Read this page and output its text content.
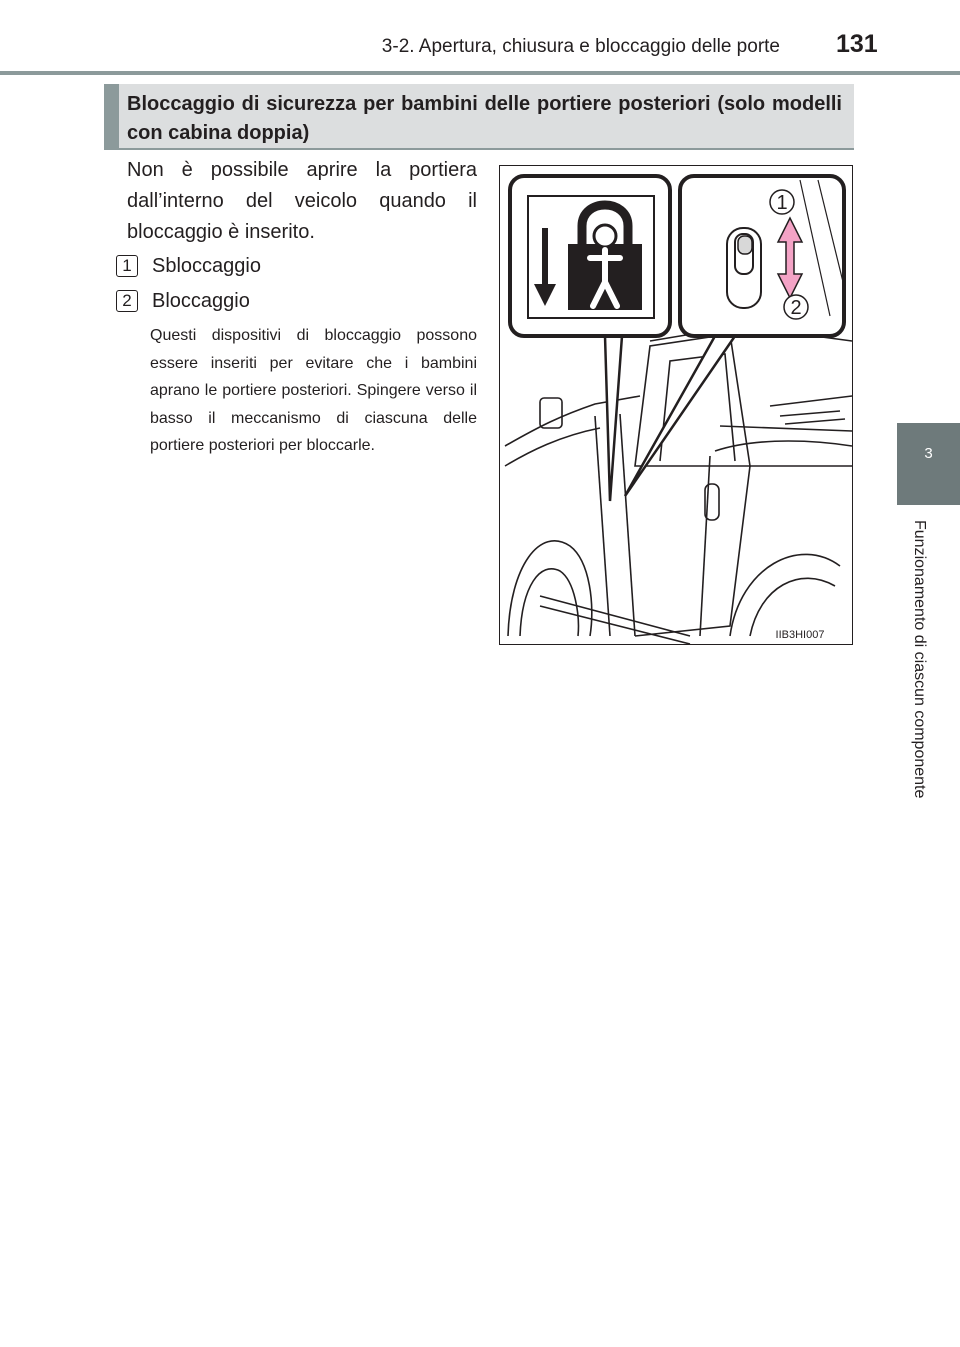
3-2. Apertura, chiusura e bloccaggio delle porte 131
3
Funzionamento di ciascun componente
Bloccaggio di sicurezza per bambini delle portiere posteriori (solo modelli con cabina doppia)
Non è possibile aprire la portiera dall’interno del veicolo quando il bloccaggio è inserito.
1	Sbloccaggio
2	Bloccaggio
Questi dispositivi di bloccaggio possono essere inseriti per evitare che i bambini aprano le portiere posteriori. Spingere verso il basso il meccanismo di ciascuna delle portiere posteriori per bloccarle.
1
2
IIB3HI007
